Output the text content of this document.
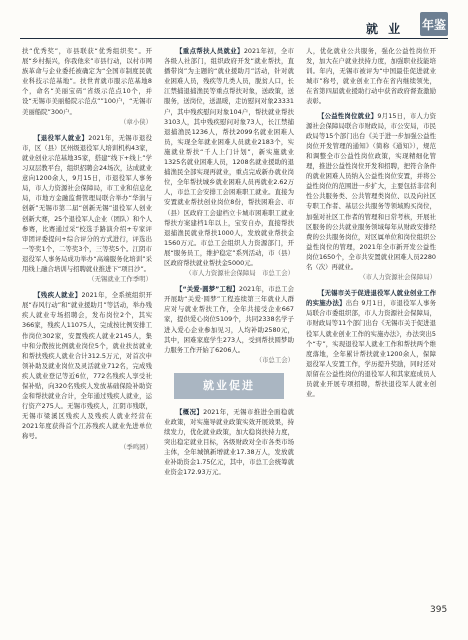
就 业 年鉴

扶“优秀奖”，市县联获“优秀组织奖”。开展“乡村振兴，你我他来”市县行动，以村市网族革命与企业委托被确定为“全国市制度民就业科技示范基地”。扶世青就市服示范基地8个，命名“美丽宝码”省级示范点10个，并设“无锡市美丽船院示范点””100户，“无锡市美丽船院”300户。

（章小侠）

【退役军人就业】2021年，无锡市退役市，区（县）区州级退役军人培训机构43家，就业创业示范基地35家，搭建“线下+线上”学习双层教平台，组织招聘会24场次，达成就业意向1200余人，9月15日，市退役军人事务局，市人力资源社会保障局，市工业和信息化局，市地方金融监督管理局联合举办“华润与创新”无锡市第二届“创新无锡”退役军人创业创新大赛，25个退役军人企业（团队）和个人参赛，比赛通过采“校选手路演介绍+专家评审团评委提问+综合评分的方式进行，评选出一等奖1个，二等奖3个，三等奖5个。江阴市退役军人事务局成功举办“高端服务化培训”采用线上融合培训与招聘就业推进下“项目沙”。

（无锡就业工作季明）

【残疾人就业】2021年，全系统组织开展“春风行动”和“就业援助月”等活动，举办残疾人就业专场招聘会，发布岗位2个，其实366家，残疾人11075人，完成按比例安排工作岗位302家，安置残疾人就业2145人，集中和分散按比例就业岗位5个，就业扶贫就业和帮扶残疾人就业合计312.5万元，对首次申领补助及就业岗位及灵活就业712名，完成残疾人就业登记等近6位，772名残疾人享受社保补贴，向320名残疾人发放基础保险补助资金和帮扶就业合计，全年通过残疾人就业，运行资产275人。无锡市残疾人，江阴市残联，无锡市梁溪区残疾人及残疾人就业经营在2021年度获得首个江苏残疾人就业先进单位称号。

（季鸣园）

【重点帮扶人员就业】2021年初，全市各级人社部门，组织政府开发“就业帮扶，直播带岗”为主题的“就业援助月”活动，针对就业困难人员，残疾等几类人员，脱贫人口，长江禁捕退捕渔民等重点帮扶对象，送政策，送服务，送岗位，送温暖，走访慰问对象23331户，其中残疾慰问对象104户，帮扶就业帮扶3103人，其中残疾慰问对象73人，长江禁捕退捕渔民1236人，帮扶2099名就业困难人员，实现全年就业困难人员就业2183个，实施就业帮扶“千人上门计划”，新实施就业1325名就业困难人员，1208名就业援助的退捕渔民全部实现再就业，重点完成新办就业岗位，全年帮扶城乡就业困难人员再就业2.62万人，市总工会安排工会困难职工就业。直接为安置就业帮扶创业岗位8份，帮扶困难会、市（县）区政府工会建档立卡城市困难职工就业帮扶方案建档1年以上，宝安自办，直接帮扶退捕渔民就业帮扶1000人，发放就业帮扶金1560万元。市总工会组织人力资源部门，开展“服务员工，维护稳定”系列活动，市（县）区政府帮扶就业帮扶金5000元。

（市人力资源社会保障局　市总工会）

【“关爱·圆梦”工程】2021年，市总工会开展助“关爱·圆梦”工程连续第三年就业人群应对与就业帮扶工作，全年共接受企业667家，提供爱心岗位5109个，共同2338名学子进入爱心企业参加见习，人均补助2580元，其中，困难家庭学生273人，受到帮扶圆梦助力服务工作开始了6206人。

（市总工会）
就业促进

【概况】2021年，无锡市推进全面稳就业政策，对实施导就业政策实效开展效果，持续发力，优化就业政策，加大稳岗扶持力度，突出稳定就业目标，各级财政对全市各类市场主体，全年城镇新增就业17.38万人，发放就业补助资金1.75亿元，其中，市总工会统筹就业资金172.93万元。

人，优化就业公共服务，强化公益性岗位开发，加大在户就业扶持力度，加强职业技能培训。年内，无锡市被评为“中国最佳促进就业城市”称号，就业创业工作在省内继续领先，在省第四届就业援助行动中获省政府督查激励表彰。

【公益性岗位就业】9月15日，市人力资源社会保障局联合市财政局，市公安局，市民政局等15个部门出台《关于进一步加强公益性岗位开发管理的通知》（简称《通知》），规范和调整全市公益性岗位政策，实现精细化管理，推进公益性岗位开发和招聘，把符合条件的就业困难人员纳入公益性岗位安置，并将公益性岗位的范围进一步扩大，主要包括非营利性公共服务类、公共管理类岗位、以及向社区专职工作者、基层公共服务等领域购买岗位，加强对社区工作者的管理和日常考核，开展社区服务的公共就业服务领域每年从财政安排经费的公共服务岗位，对区属单位和岗位组织公益性岗位的管理，2021年全市新开发公益性岗位1650个，全市共安置就业困难人员2280名（次）再就业。

（市人力资源社会保障局）

【无锡市关于促进退役军人就业创业工作的实施办法】出台 9月1日，市退役军人事务局联合市委组织部，市人力资源社会保障局，市财政局等11个部门出台《无锡市关于促进退役军人就业创业工作的实施办法》，办法突出5个“专”，实现退役军人就业工作和帮扶两个维度落地，全年累计帮扶就业1200余人，保障退役军人安置工作，学历提升奖励，同时还对原留在公益性岗位的退役军人和其家庭成员人员就业开展专项招聘，帮扶退役军人就业创业。

395
